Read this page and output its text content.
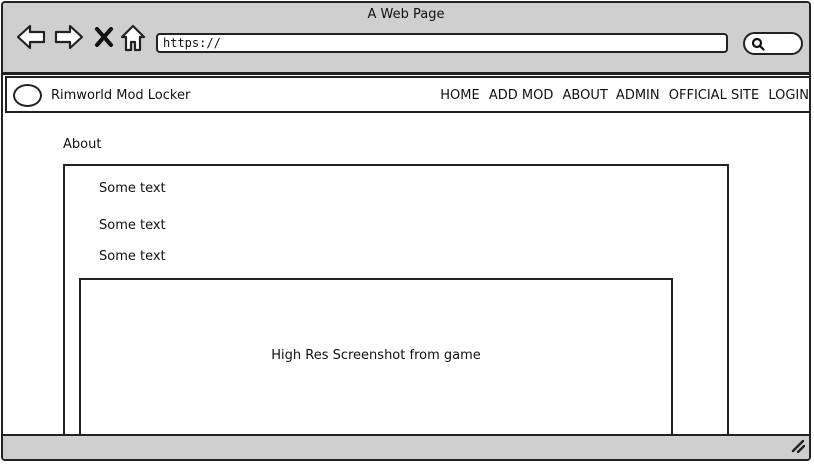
A Web Page
https://
Rimworld Mod Locker	HOME ADD MOD ABOUT ADMIN OFFICIAL SITE LOGIN
About
Some text
Some text
Some text
High Res Screenshot from game
